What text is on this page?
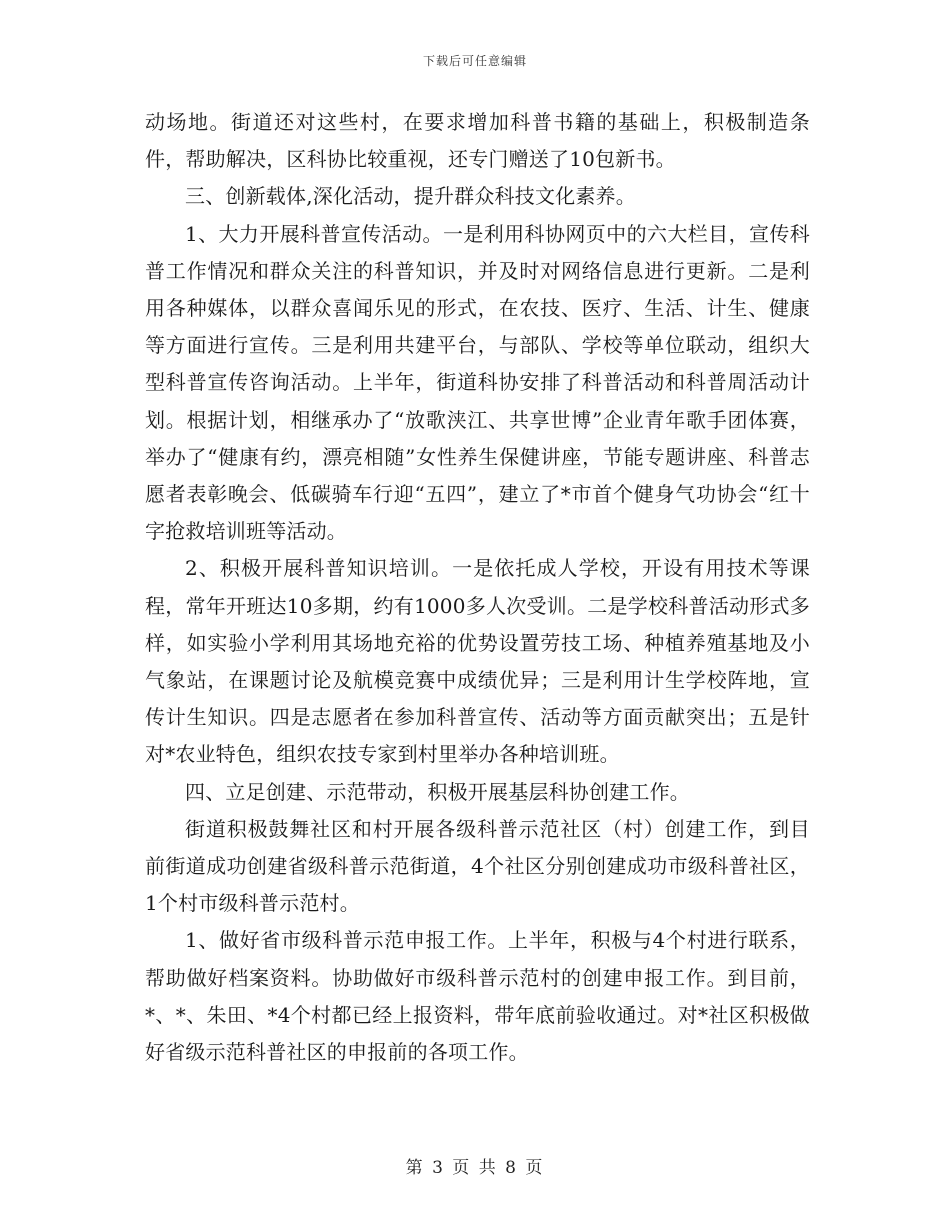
下载后可任意编辑

动场地。街道还对这些村，在要求增加科普书籍的基础上，积极制造条件，帮助解决，区科协比较重视，还专门赠送了10包新书。

三、创新载体,深化活动，提升群众科技文化素养。

1、大力开展科普宣传活动。一是利用科协网页中的六大栏目，宣传科普工作情况和群众关注的科普知识，并及时对网络信息进行更新。二是利用各种媒体，以群众喜闻乐见的形式，在农技、医疗、生活、计生、健康等方面进行宣传。三是利用共建平台，与部队、学校等单位联动，组织大型科普宣传咨询活动。上半年，街道科协安排了科普活动和科普周活动计划。根据计划，相继承办了“放歌浃江、共享世博”企业青年歌手团体赛，举办了“健康有约，漂亮相随”女性养生保健讲座，节能专题讲座、科普志愿者表彰晚会、低碳骑车行迎“五四”，建立了*市首个健身气功协会“红十字抢救培训班等活动。

2、积极开展科普知识培训。一是依托成人学校，开设有用技术等课程，常年开班达10多期，约有1000多人次受训。二是学校科普活动形式多样，如实验小学利用其场地充裕的优势设置劳技工场、种植养殖基地及小气象站，在课题讨论及航模竞赛中成绩优异；三是利用计生学校阵地，宣传计生知识。四是志愿者在参加科普宣传、活动等方面贡献突出；五是针对*农业特色，组织农技专家到村里举办各种培训班。

四、立足创建、示范带动，积极开展基层科协创建工作。

街道积极鼓舞社区和村开展各级科普示范社区（村）创建工作，到目前街道成功创建省级科普示范街道，4个社区分别创建成功市级科普社区，1个村市级科普示范村。

1、做好省市级科普示范申报工作。上半年，积极与4个村进行联系，帮助做好档案资料。协助做好市级科普示范村的创建申报工作。到目前，*、*、朱田、*4个村都已经上报资料，带年底前验收通过。对*社区积极做好省级示范科普社区的申报前的各项工作。

第 3 页 共 8 页
